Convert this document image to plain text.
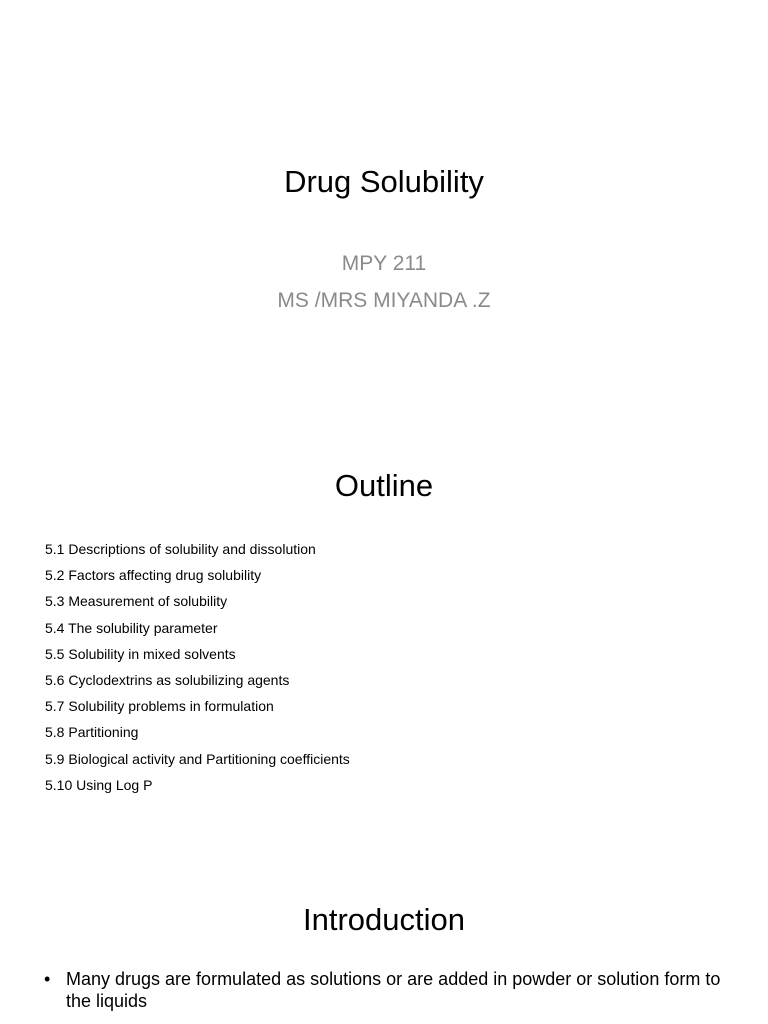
Drug Solubility
MPY 211
MS /MRS MIYANDA .Z
Outline
5.1 Descriptions of solubility and dissolution
5.2 Factors affecting drug solubility
5.3 Measurement of solubility
5.4 The solubility parameter
5.5 Solubility in mixed solvents
5.6 Cyclodextrins as solubilizing agents
5.7 Solubility problems in formulation
5.8 Partitioning
5.9 Biological activity and Partitioning coefficients
5.10 Using Log P
Introduction
• Many drugs are formulated as solutions or are added in powder or solution form to the liquids
